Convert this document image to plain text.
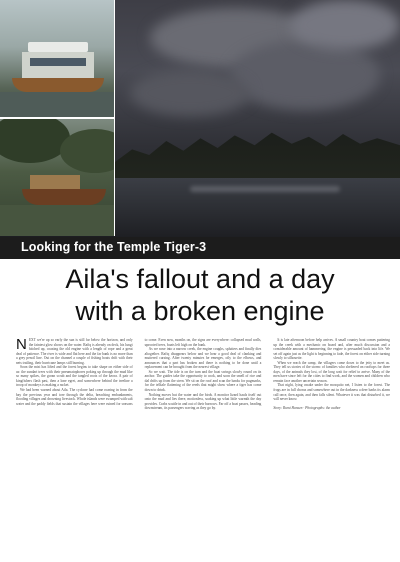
Looking for the Temple Tiger-3
Aila's fallout and a day
with a broken engine

NEXT we're up so early the sun is still far below the horizon, and only the faintest glow shows on the water. Rafiq is already on deck, his lungi hitched up, coaxing the old engine with a length of rope and a great deal of patience. The river is wide and flat here and the far bank is no more than a grey pencil line. Out on the channel a couple of fishing boats drift with their nets trailing, their hurricane lamps still burning.

Soon the mist has lifted and the forest begins to take shape on either side of us: the sundari trees with their pneumatophores poking up through the mud like so many spikes, the goran scrub and the tangled roots of the keora. A pair of kingfishers flash past, then a lone egret, and somewhere behind the treeline a troop of monkeys is making a racket.

We had been warned about Aila. The cyclone had come roaring in from the bay the previous year and tore through the delta, breaching embankments, flooding villages and drowning livestock. Whole islands were swamped with salt water and the paddy fields that sustain the villages here were ruined for seasons to come. Even now, months on, the signs are everywhere: collapsed mud walls, uprooted trees, boats left high on the bank.

As we nose into a narrow creek, the engine coughs, splutters and finally dies altogether. Rafiq disappears below and we hear a good deal of clanking and muttered cursing. After twenty minutes he emerges, oily to the elbows, and announces that a part has broken and there is nothing to be done until a replacement can be brought from the nearest village.

So we wait. The tide is on the turn and the boat swings slowly round on its anchor. The guides take the opportunity to cook, and soon the smell of rice and dal drifts up from the stern. We sit on the roof and scan the banks for pugmarks, for the telltale flattening of the reeds that might show where a tiger has come down to drink.

Nothing moves but the water and the birds. A monitor lizard hauls itself out onto the mud and lies there, motionless, soaking up what little warmth the day provides. Crabs scuttle in and out of their burrows. Far off a boat passes, heading downstream, its passengers waving as they go by.

It is late afternoon before help arrives. A small country boat comes puttering up the creek with a mechanic on board and, after much discussion and a considerable amount of hammering, the engine is persuaded back into life. We set off again just as the light is beginning to fade, the forest on either side turning slowly to silhouette.

When we reach the camp, the villagers come down to the jetty to meet us. They tell us stories of the storm: of families who sheltered on rooftops for three days, of the animals they lost, of the long wait for relief to arrive. Many of the men have since left for the cities to find work, and the women and children who remain face another uncertain season.

That night, lying awake under the mosquito net, I listen to the forest. The frogs are in full chorus and somewhere out in the darkness a deer barks its alarm call once, then again, and then falls silent. Whatever it was that disturbed it, we will never know.

Story: Rumi Hansen · Photographs: the author
